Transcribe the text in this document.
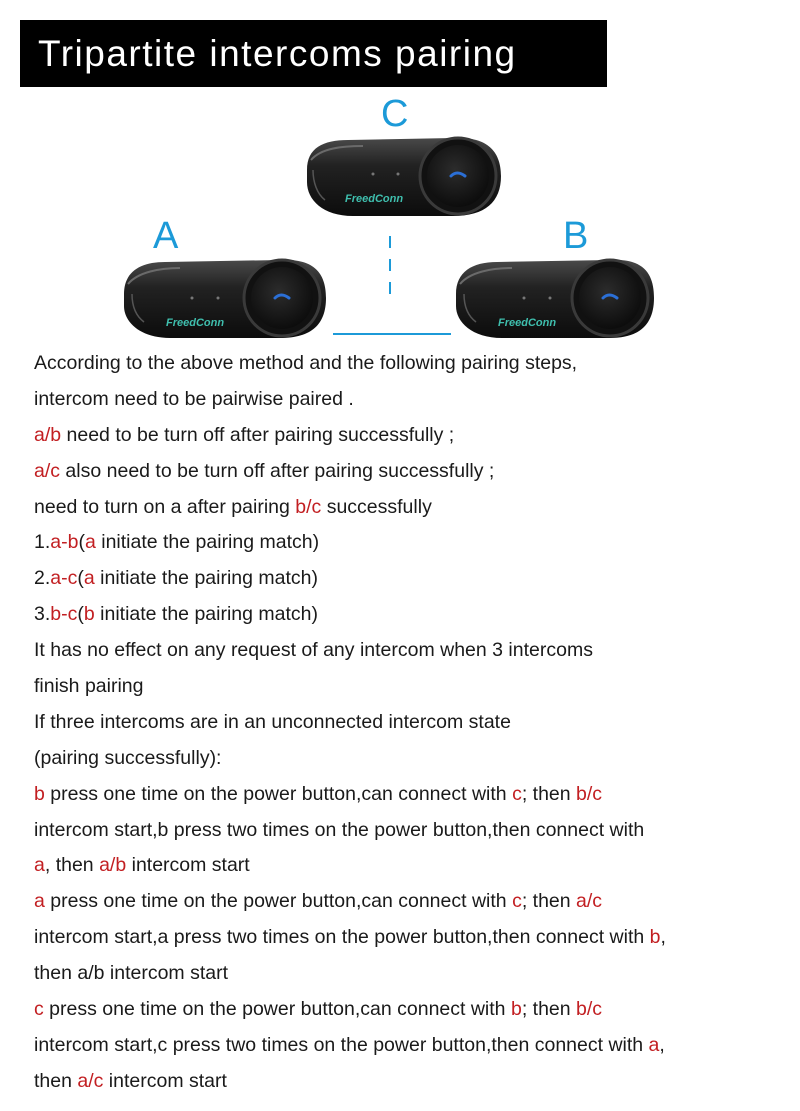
Tripartite intercoms pairing
C
A	B
FreedConn
FreedConn	FreedConn
According to the above method and the following pairing steps,
intercom need to be pairwise paired .
a/b need to be turn off after pairing successfully ;
a/c also need to be turn off after pairing successfully ;
need to turn on a after pairing b/c successfully
1.a-b(a initiate the pairing match)
2.a-c(a initiate the pairing match)
3.b-c(b initiate the pairing match)
It has no effect on any request of any intercom when 3 intercoms
finish pairing
If three intercoms are in an unconnected intercom state
(pairing successfully):
b press one time on the power button,can connect with c; then b/c
intercom start,b press two times on the power button,then connect with
a, then a/b intercom start
a press one time on the power button,can connect with c; then a/c
intercom start,a press two times on the power button,then connect with b,
then a/b intercom start
c press one time on the power button,can connect with b; then b/c
intercom start,c press two times on the power button,then connect with a,
then a/c intercom start
